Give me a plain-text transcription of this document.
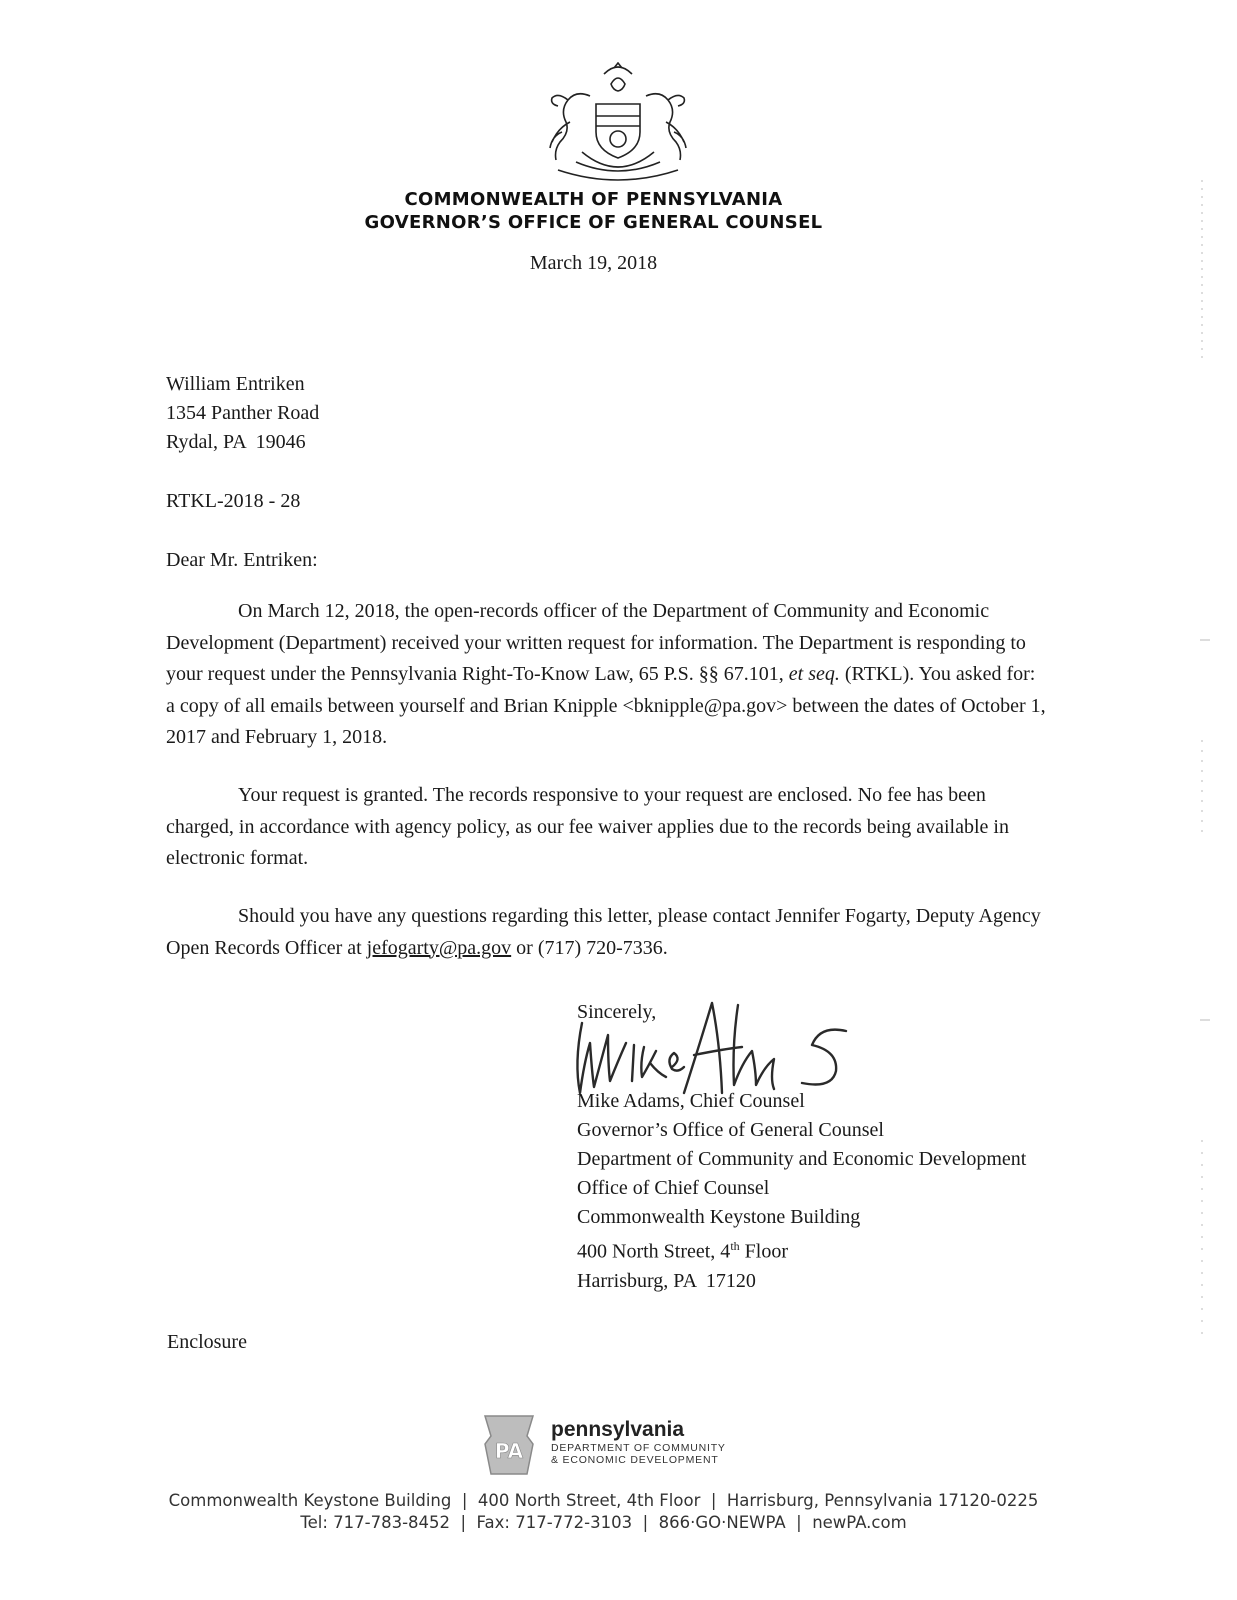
COMMONWEALTH OF PENNSYLVANIA
GOVERNOR’S OFFICE OF GENERAL COUNSEL
March 19, 2018
William Entriken
1354 Panther Road
Rydal, PA  19046
RTKL-2018 - 28
Dear Mr. Entriken:
On March 12, 2018, the open-records officer of the Department of Community and Economic Development (Department) received your written request for information. The Department is responding to your request under the Pennsylvania Right-To-Know Law, 65 P.S. §§ 67.101, et seq. (RTKL). You asked for: a copy of all emails between yourself and Brian Knipple <bknipple@pa.gov> between the dates of October 1, 2017 and February 1, 2018.
Your request is granted. The records responsive to your request are enclosed. No fee has been charged, in accordance with agency policy, as our fee waiver applies due to the records being available in electronic format.
Should you have any questions regarding this letter, please contact Jennifer Fogarty, Deputy Agency Open Records Officer at jefogarty@pa.gov or (717) 720-7336.
Sincerely,
Mike Adams, Chief Counsel
Governor’s Office of General Counsel
Department of Community and Economic Development
Office of Chief Counsel
Commonwealth Keystone Building
400 North Street, 4th Floor
Harrisburg, PA  17120
Enclosure
PA
pennsylvania
DEPARTMENT OF COMMUNITY
& ECONOMIC DEVELOPMENT
Commonwealth Keystone Building  |  400 North Street, 4th Floor  |  Harrisburg, Pennsylvania 17120-0225
Tel: 717-783-8452  |  Fax: 717-772-3103  |  866·GO·NEWPA  |  newPA.com
